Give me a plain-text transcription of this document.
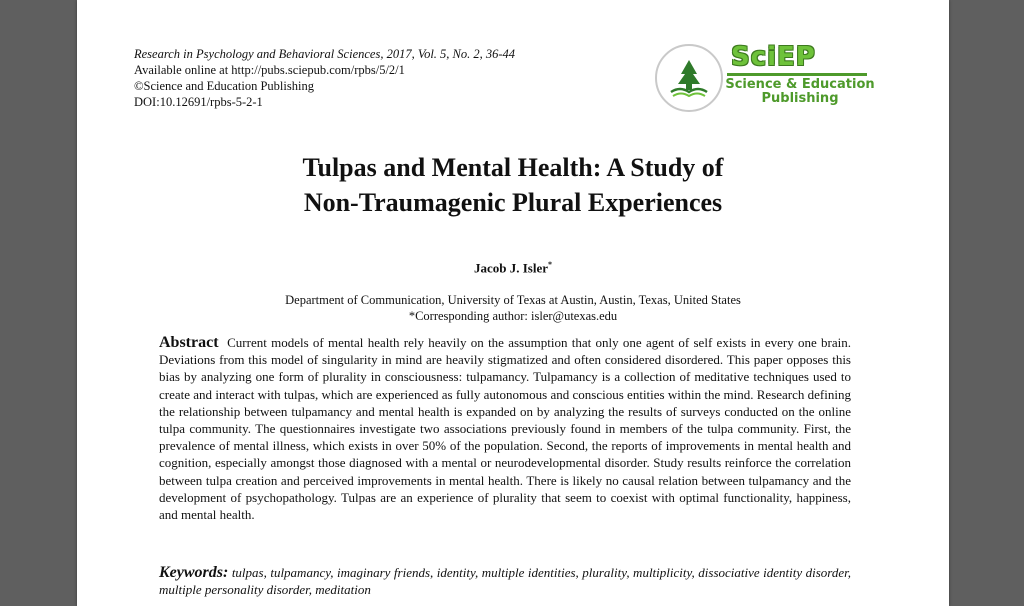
Research in Psychology and Behavioral Sciences, 2017, Vol. 5, No. 2, 36-44
Available online at http://pubs.sciepub.com/rpbs/5/2/1
©Science and Education Publishing
DOI:10.12691/rpbs-5-2-1
SciEP
Science & Education
Publishing
Tulpas and Mental Health: A Study of
Non-Traumagenic Plural Experiences
Jacob J. Isler*
Department of Communication, University of Texas at Austin, Austin, Texas, United States
*Corresponding author: isler@utexas.edu
Abstract Current models of mental health rely heavily on the assumption that only one agent of self exists in every one brain. Deviations from this model of singularity in mind are heavily stigmatized and often considered disordered. This paper opposes this bias by analyzing one form of plurality in consciousness: tulpamancy. Tulpamancy is a collection of meditative techniques used to create and interact with tulpas, which are experienced as fully autonomous and conscious entities within the mind. Research defining the relationship between tulpamancy and mental health is expanded on by analyzing the results of surveys conducted on the online tulpa community. The questionnaires investigate two associations previously found in members of the tulpa community. First, the prevalence of mental illness, which exists in over 50% of the population. Second, the reports of improvements in mental health and cognition, especially amongst those diagnosed with a mental or neurodevelopmental disorder. Study results reinforce the correlation between tulpa creation and perceived improvements in mental health. There is likely no causal relation between tulpamancy and the development of psychopathology. Tulpas are an experience of plurality that seem to coexist with optimal functionality, happiness, and mental health.
Keywords: tulpas, tulpamancy, imaginary friends, identity, multiple identities, plurality, multiplicity, dissociative identity disorder, multiple personality disorder, meditation
